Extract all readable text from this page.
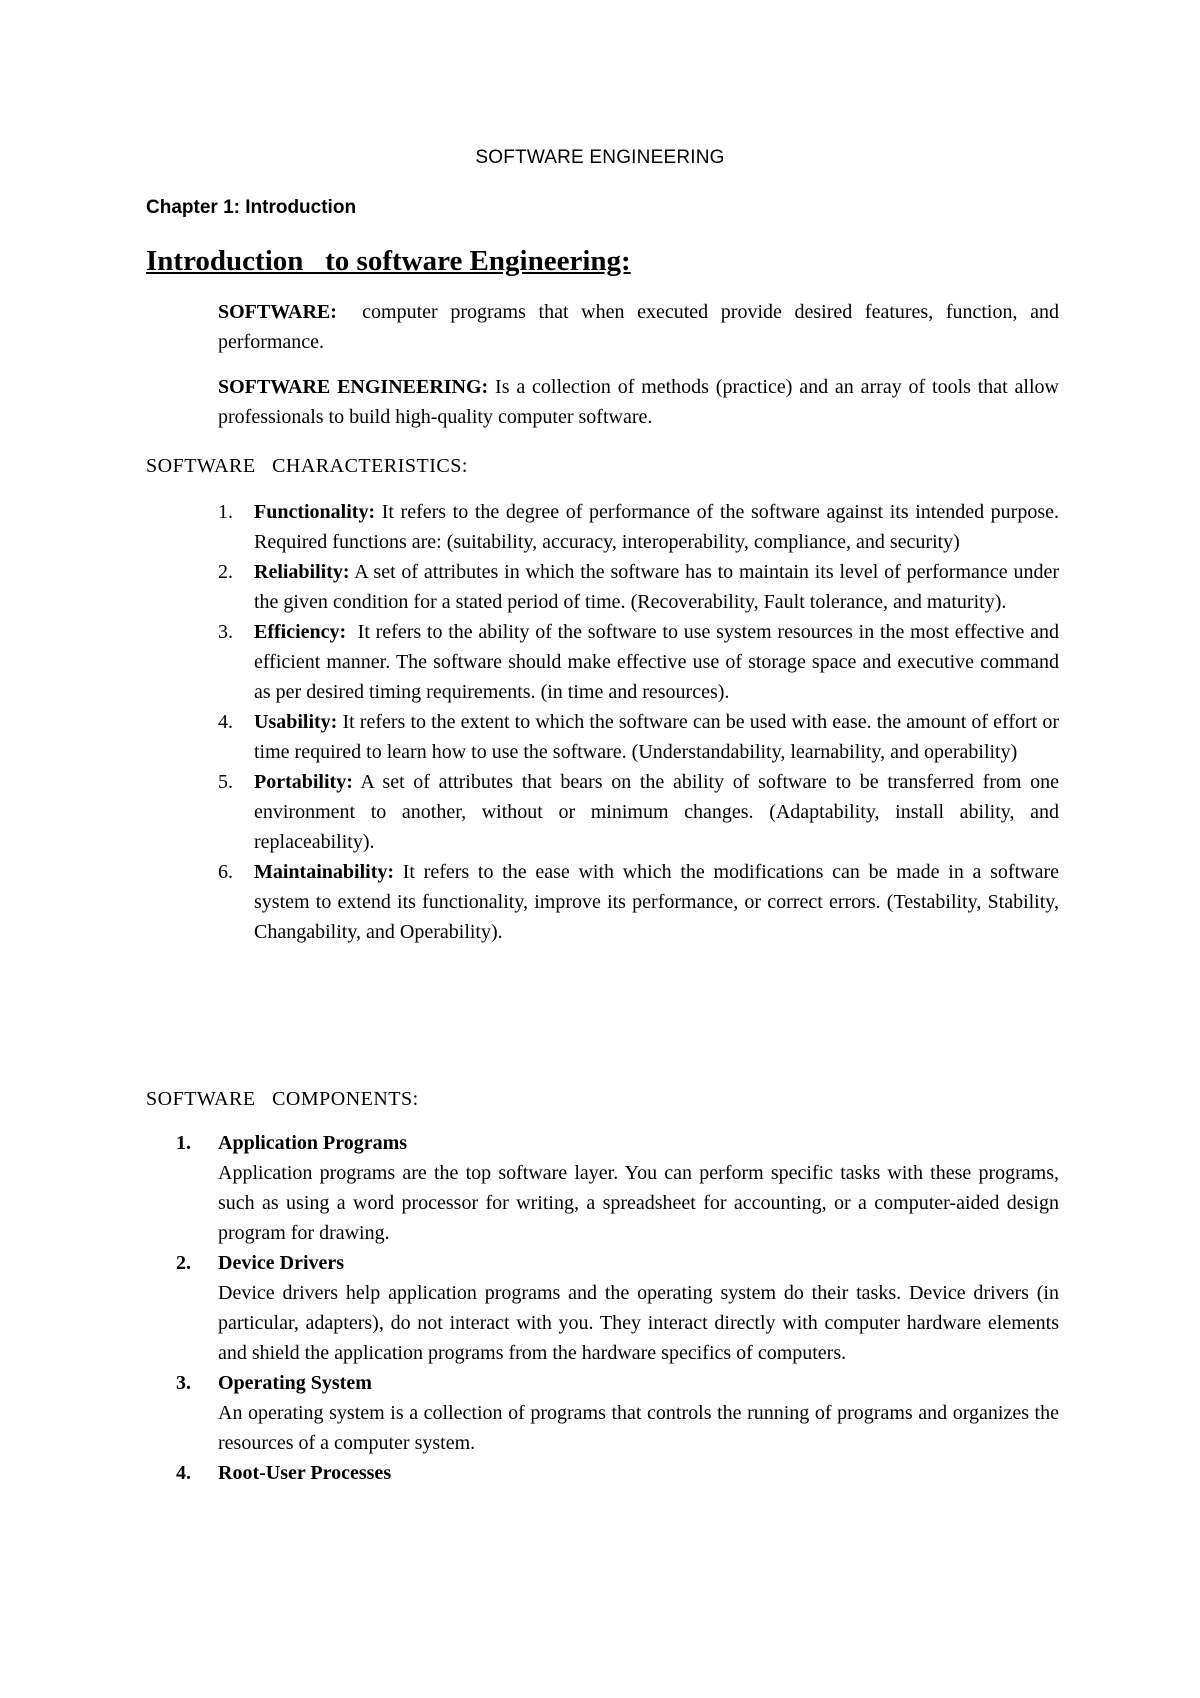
SOFTWARE ENGINEERING
Chapter 1: Introduction
Introduction   to software Engineering:

SOFTWARE:  computer programs that when executed provide desired features, function, and performance.

SOFTWARE ENGINEERING: Is a collection of methods (practice) and an array of tools that allow professionals to build high-quality computer software.

SOFTWARE   CHARACTERISTICS:
1. Functionality: It refers to the degree of performance of the software against its intended purpose. Required functions are: (suitability, accuracy, interoperability, compliance, and security)
2. Reliability: A set of attributes in which the software has to maintain its level of performance under the given condition for a stated period of time. (Recoverability, Fault tolerance, and maturity).
3. Efficiency:  It refers to the ability of the software to use system resources in the most effective and efficient manner. The software should make effective use of storage space and executive command as per desired timing requirements. (in time and resources).
4. Usability: It refers to the extent to which the software can be used with ease. the amount of effort or time required to learn how to use the software. (Understandability, learnability, and operability)
5. Portability: A set of attributes that bears on the ability of software to be transferred from one environment to another, without or minimum changes. (Adaptability, install ability, and replaceability).
6. Maintainability: It refers to the ease with which the modifications can be made in a software system to extend its functionality, improve its performance, or correct errors. (Testability, Stability, Changability, and Operability).
SOFTWARE   COMPONENTS:
1. Application Programs
Application programs are the top software layer. You can perform specific tasks with these programs, such as using a word processor for writing, a spreadsheet for accounting, or a computer-aided design program for drawing.
2. Device Drivers
Device drivers help application programs and the operating system do their tasks. Device drivers (in particular, adapters), do not interact with you. They interact directly with computer hardware elements and shield the application programs from the hardware specifics of computers.
3. Operating System
An operating system is a collection of programs that controls the running of programs and organizes the resources of a computer system.
4. Root-User Processes
